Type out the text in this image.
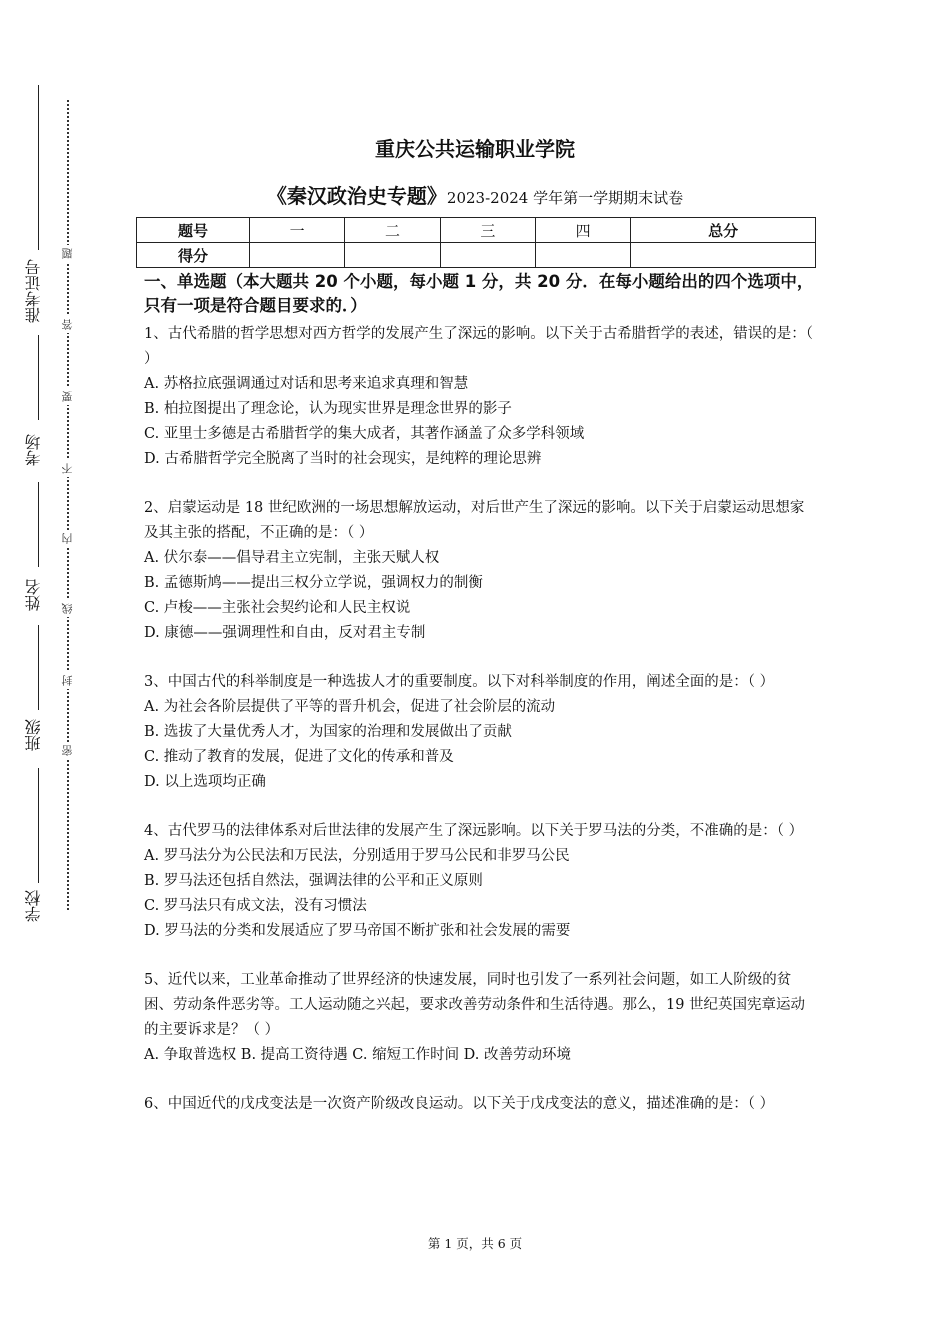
准考证号
考场
姓名
班级
学校
密
封
线
内
不
要
答
题
重庆公共运输职业学院
《秦汉政治史专题》2023-2024 学年第一学期期末试卷
题号	一	二	三	四	总分
得分					

一、单选题（本大题共 20 个小题，每小题 1 分，共 20 分．在每小题给出的四个选项中，只有一项是符合题目要求的．）

1、古代希腊的哲学思想对西方哲学的发展产生了深远的影响。以下关于古希腊哲学的表述，错误的是：（ ）

A. 苏格拉底强调通过对话和思考来追求真理和智慧

B. 柏拉图提出了理念论，认为现实世界是理念世界的影子

C. 亚里士多德是古希腊哲学的集大成者，其著作涵盖了众多学科领域

D. 古希腊哲学完全脱离了当时的社会现实，是纯粹的理论思辨

2、启蒙运动是 18 世纪欧洲的一场思想解放运动，对后世产生了深远的影响。以下关于启蒙运动思想家及其主张的搭配，不正确的是：（ ）

A. 伏尔泰——倡导君主立宪制，主张天赋人权

B. 孟德斯鸠——提出三权分立学说，强调权力的制衡

C. 卢梭——主张社会契约论和人民主权说

D. 康德——强调理性和自由，反对君主专制

3、中国古代的科举制度是一种选拔人才的重要制度。以下对科举制度的作用，阐述全面的是：（ ）

A. 为社会各阶层提供了平等的晋升机会，促进了社会阶层的流动

B. 选拔了大量优秀人才，为国家的治理和发展做出了贡献

C. 推动了教育的发展，促进了文化的传承和普及

D. 以上选项均正确

4、古代罗马的法律体系对后世法律的发展产生了深远影响。以下关于罗马法的分类，不准确的是：（ ）

A. 罗马法分为公民法和万民法，分别适用于罗马公民和非罗马公民

B. 罗马法还包括自然法，强调法律的公平和正义原则

C. 罗马法只有成文法，没有习惯法

D. 罗马法的分类和发展适应了罗马帝国不断扩张和社会发展的需要

5、近代以来，工业革命推动了世界经济的快速发展，同时也引发了一系列社会问题，如工人阶级的贫困、劳动条件恶劣等。工人运动随之兴起，要求改善劳动条件和生活待遇。那么，19 世纪英国宪章运动的主要诉求是？（ ）

A. 争取普选权 B. 提高工资待遇 C. 缩短工作时间 D. 改善劳动环境

6、中国近代的戊戌变法是一次资产阶级改良运动。以下关于戊戌变法的意义，描述准确的是：（ ）

第 1 页，共 6 页
